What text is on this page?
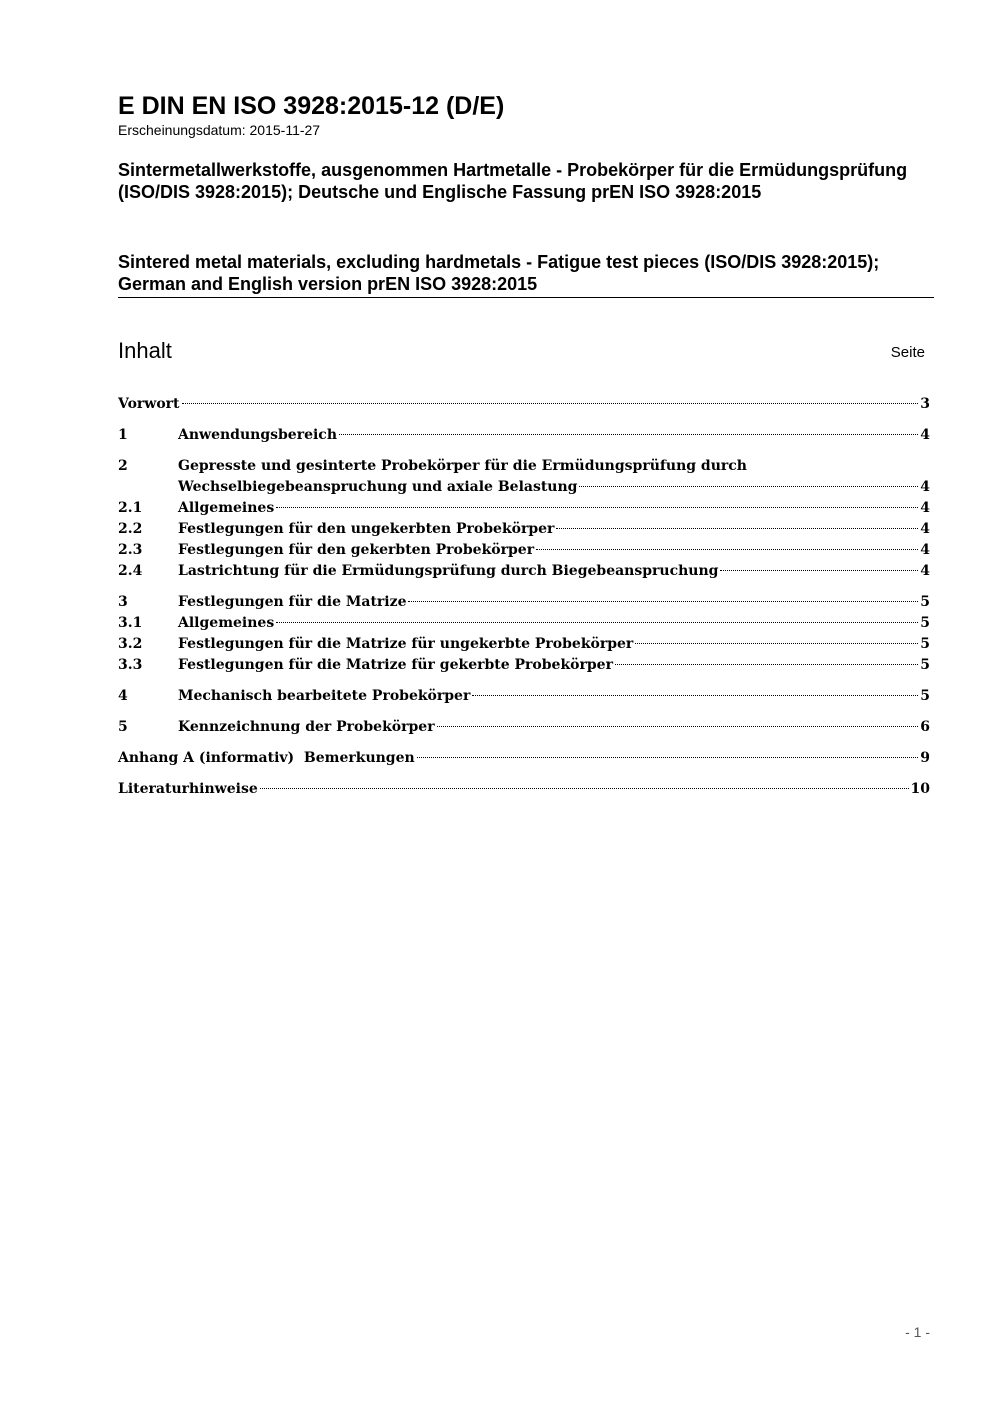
E DIN EN ISO 3928:2015-12 (D/E)
Erscheinungsdatum: 2015-11-27
Sintermetallwerkstoffe, ausgenommen Hartmetalle - Probekörper für die Ermüdungsprüfung (ISO/DIS 3928:2015); Deutsche und Englische Fassung prEN ISO 3928:2015
Sintered metal materials, excluding hardmetals - Fatigue test pieces (ISO/DIS 3928:2015); German and English version prEN ISO 3928:2015
Inhalt	Seite
Vorwort	3
1	Anwendungsbereich	4
2	Gepresste und gesinterte Probekörper für die Ermüdungsprüfung durch
Wechselbiegebeanspruchung und axiale Belastung	4
2.1	Allgemeines	4
2.2	Festlegungen für den ungekerbten Probekörper	4
2.3	Festlegungen für den gekerbten Probekörper	4
2.4	Lastrichtung für die Ermüdungsprüfung durch Biegebeanspruchung	4
3	Festlegungen für die Matrize	5
3.1	Allgemeines	5
3.2	Festlegungen für die Matrize für ungekerbte Probekörper	5
3.3	Festlegungen für die Matrize für gekerbte Probekörper	5
4	Mechanisch bearbeitete Probekörper	5
5	Kennzeichnung der Probekörper	6
Anhang A (informativ)  Bemerkungen	9
Literaturhinweise	10
- 1 -
